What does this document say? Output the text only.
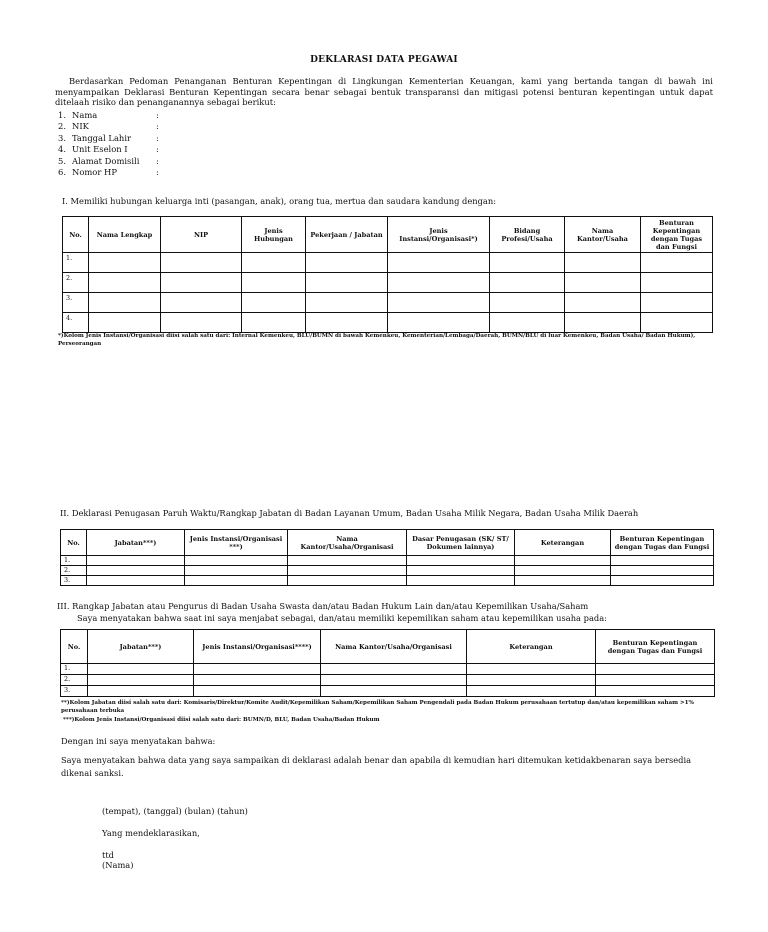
DEKLARASI DATA PEGAWAI

Berdasarkan Pedoman Penanganan Benturan Kepentingan di Lingkungan Kementerian Keuangan, kami yang bertanda tangan di bawah ini menyampaikan Deklarasi Benturan Kepentingan secara benar sebagai bentuk transparansi dan mitigasi potensi benturan kepentingan untuk dapat ditelaah risiko dan penanganannya sebagai berikut:

1. Nama	:
2. NIK	:
3. Tanggal Lahir	:
4. Unit Eselon I	:
5. Alamat Domisili	:
6. Nomor HP	:
I. Memiliki hubungan keluarga inti (pasangan, anak), orang tua, mertua dan saudara kandung dengan:
No.	Nama Lengkap	NIP	Jenis Hubungan	Pekerjaan / Jabatan	Jenis Instansi/Organisasi*)	Bidang Profesi/Usaha	Nama Kantor/Usaha	Benturan Kepentingan dengan Tugas dan Fungsi
1.								
2.								
3.								
4.								
*)Kolom Jenis Instansi/Organisasi diisi salah satu dari: Internal Kemenkeu, BLU/BUMN di bawah Kemenkeu, Kementerian/Lembaga/Daerah, BUMN/BLU di luar Kemenkeu, Badan Usaha/ Badan Hukum), Perseorangan
II. Deklarasi Penugasan Paruh Waktu/Rangkap Jabatan di Badan Layanan Umum, Badan Usaha Milik Negara, Badan Usaha Milik Daerah
No.	Jabatan***)	Jenis Instansi/Organisasi ***)	Nama Kantor/Usaha/Organisasi	Dasar Penugasan (SK/ ST/ Dokumen lainnya)	Keterangan	Benturan Kepentingan dengan Tugas dan Fungsi
1.						
2.						
3.						
III. Rangkap Jabatan atau Pengurus di Badan Usaha Swasta dan/atau Badan Hukum Lain dan/atau Kepemilikan Usaha/Saham
Saya menyatakan bahwa saat ini saya menjabat sebagai, dan/atau memiliki kepemilikan saham atau kepemilikan usaha pada:
No.	Jabatan***)	Jenis Instansi/Organisasi****)	Nama Kantor/Usaha/Organisasi	Keterangan	Benturan Kepentingan dengan Tugas dan Fungsi
1.					
2.					
3.					
**)Kolom Jabatan diisi salah satu dari: Komisaris/Direktur/Komite Audit/Kepemilikan Saham/Kepemilikan Saham Pengendali pada Badan Hukum perusahaan tertutup dan/atau kepemilikan saham >1% perusahaan terbuka
***)Kolom Jenis Instansi/Organisasi diisi salah satu dari: BUMN/D, BLU, Badan Usaha/Badan Hukum
Dengan ini saya menyatakan bahwa:

Saya menyatakan bahwa data yang saya sampaikan di deklarasi adalah benar dan apabila di kemudian hari ditemukan ketidakbenaran saya bersedia dikenai sanksi.

(tempat), (tanggal) (bulan) (tahun)
Yang mendeklarasikan,
ttd
(Nama)
